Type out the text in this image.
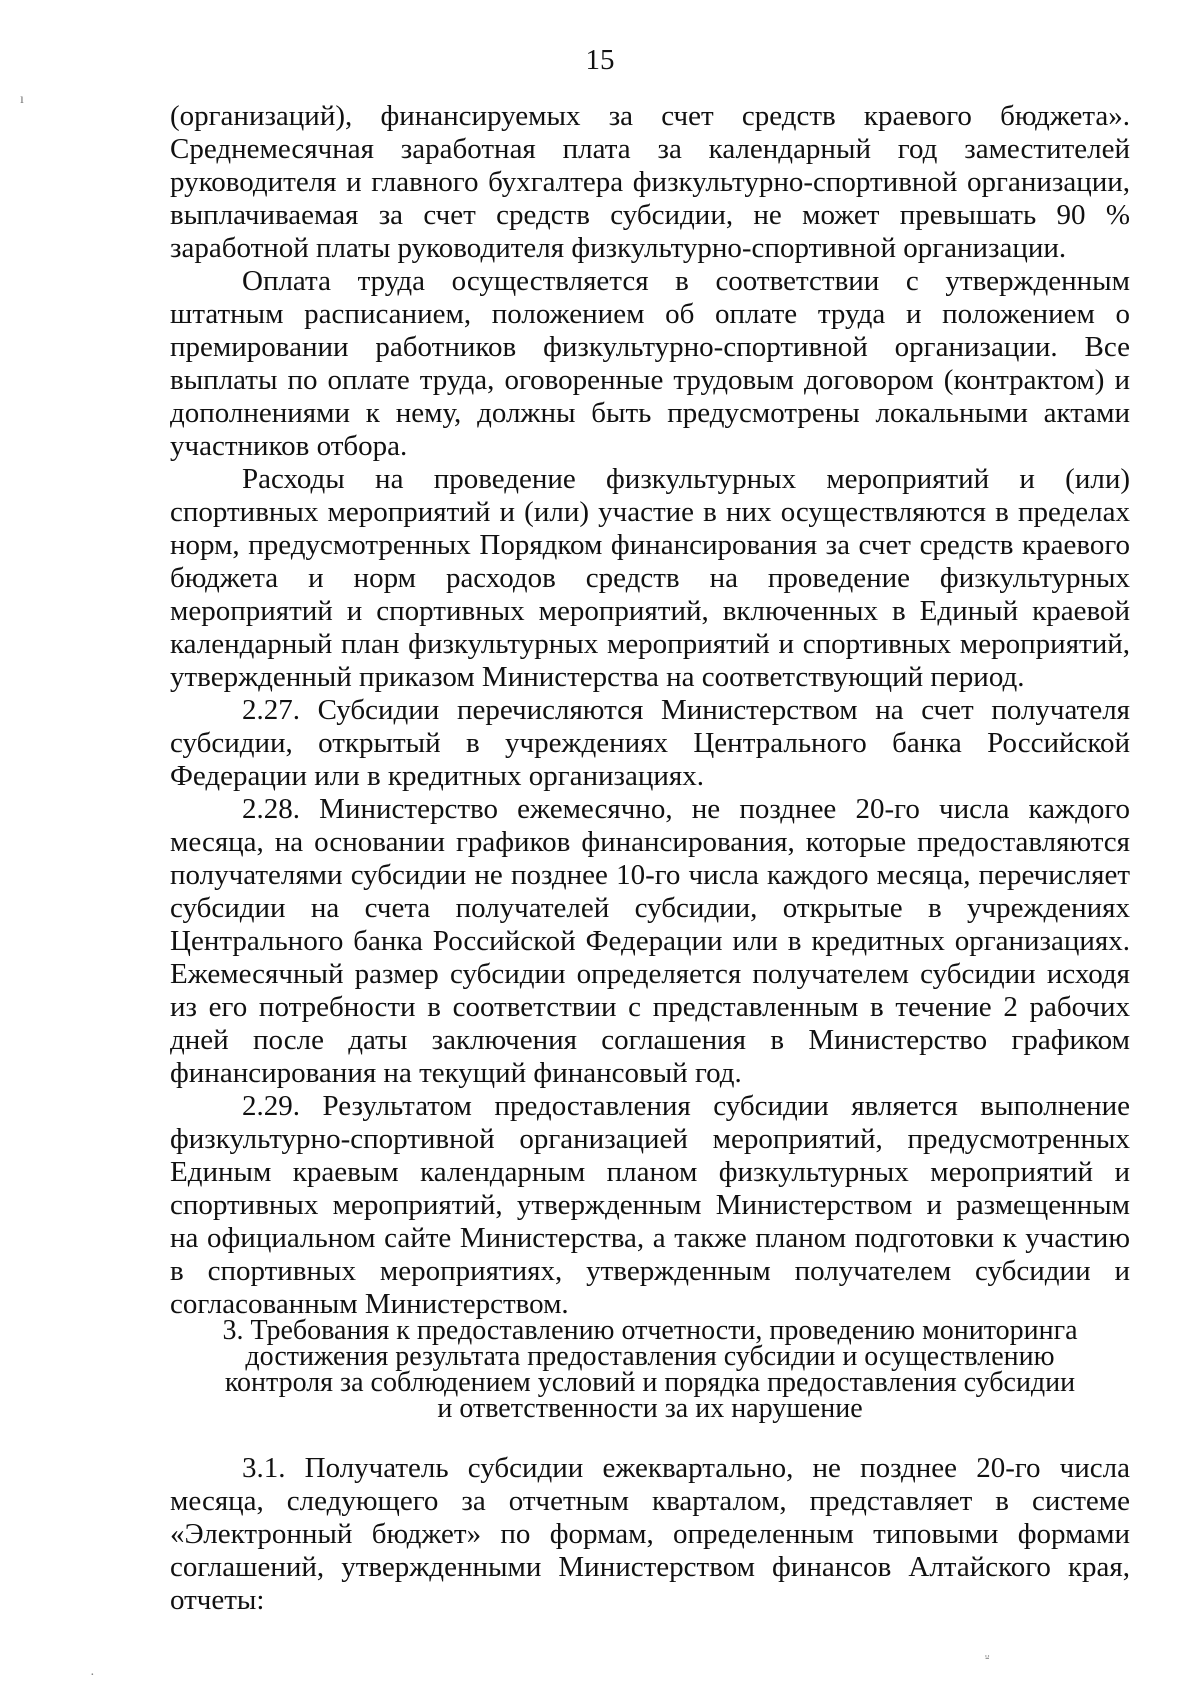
15

(организаций), финансируемых за счет средств краевого бюджета». Среднемесячная заработная плата за календарный год заместителей руководителя и главного бухгалтера физкультурно-спортивной организации, выплачиваемая за счет средств субсидии, не может превышать 90 % заработной платы руководителя физкультурно-спортивной организации.

Оплата труда осуществляется в соответствии с утвержденным штатным расписанием, положением об оплате труда и положением о премировании работников физкультурно-спортивной организации. Все выплаты по оплате труда, оговоренные трудовым договором (контрактом) и дополнениями к нему, должны быть предусмотрены локальными актами участников отбора.

Расходы на проведение физкультурных мероприятий и (или) спортивных мероприятий и (или) участие в них осуществляются в пределах норм, предусмотренных Порядком финансирования за счет средств краевого бюджета и норм расходов средств на проведение физкультурных мероприятий и спортивных мероприятий, включенных в Единый краевой календарный план физкультурных мероприятий и спортивных мероприятий, утвержденный приказом Министерства на соответствующий период.

2.27. Субсидии перечисляются Министерством на счет получателя субсидии, открытый в учреждениях Центрального банка Российской Федерации или в кредитных организациях.

2.28. Министерство ежемесячно, не позднее 20-го числа каждого месяца, на основании графиков финансирования, которые предоставляются получателями субсидии не позднее 10-го числа каждого месяца, перечисляет субсидии на счета получателей субсидии, открытые в учреждениях Центрального банка Российской Федерации или в кредитных организациях. Ежемесячный размер субсидии определяется получателем субсидии исходя из его потребности в соответствии с представленным в течение 2 рабочих дней после даты заключения соглашения в Министерство графиком финансирования на текущий финансовый год.

2.29. Результатом предоставления субсидии является выполнение физкультурно-спортивной организацией мероприятий, предусмотренных Единым краевым календарным планом физкультурных мероприятий и спортивных мероприятий, утвержденным Министерством и размещенным на официальном сайте Министерства, а также планом подготовки к участию в спортивных мероприятиях, утвержденным получателем субсидии и согласованным Министерством.

3. Требования к предоставлению отчетности, проведению мониторинга
достижения результата предоставления субсидии и осуществлению
контроля за соблюдением условий и порядка предоставления субсидии
и ответственности за их нарушение

3.1. Получатель субсидии ежеквартально, не позднее 20-го числа месяца, следующего за отчетным кварталом, представляет в системе «Электронный бюджет» по формам, определенным типовыми формами соглашений, утвержденными Министерством финансов Алтайского края, отчеты:

ı
⸚
·
